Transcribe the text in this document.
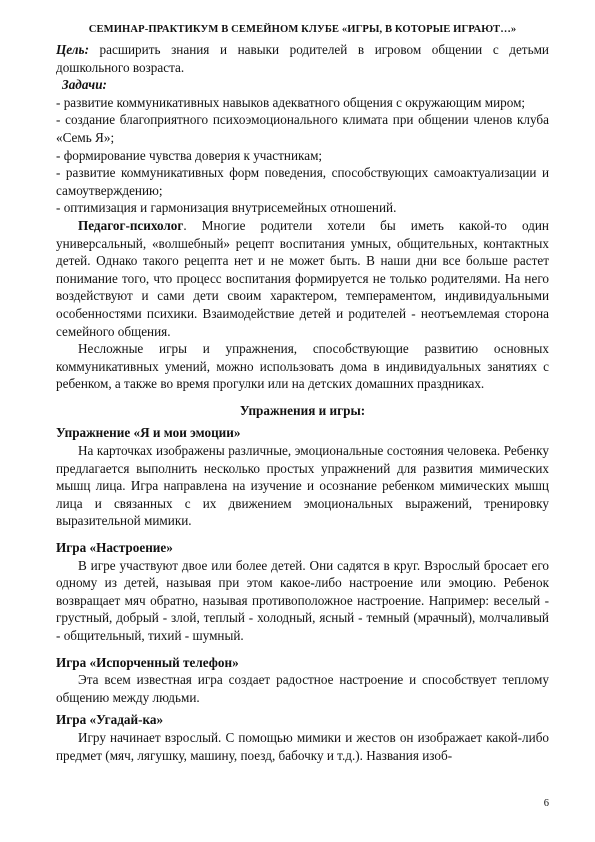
СЕМИНАР-ПРАКТИКУМ В СЕМЕЙНОМ КЛУБЕ «ИГРЫ, В КОТОРЫЕ ИГРАЮТ…»

Цель: расширить знания и навыки родителей в игровом общении с детьми дошкольного возраста.

Задачи:

- развитие коммуникативных навыков адекватного общения с окружающим миром;

- создание благоприятного психоэмоционального климата при общении членов клуба «Семь Я»;

- формирование чувства доверия к участникам;

- развитие коммуникативных форм поведения, способствующих самоактуализации и самоутверждению;

- оптимизация и гармонизация внутрисемейных отношений.

Педагог-психолог. Многие родители хотели бы иметь какой-то один универсальный, «волшебный» рецепт воспитания умных, общительных, контактных детей. Однако такого рецепта нет и не может быть. В наши дни все больше растет понимание того, что процесс воспитания формируется не только родителями. На него воздействуют и сами дети своим характером, темпераментом, индивидуальными особенностями психики. Взаимодействие детей и родителей - неотъемлемая сторона семейного общения.

Несложные игры и упражнения, способствующие развитию основных коммуникативных умений, можно использовать дома в индивидуальных занятиях с ребенком, а также во время прогулки или на детских домашних праздниках.

Упражнения и игры:

Упражнение «Я и мои эмоции»

На карточках изображены различные, эмоциональные состояния человека. Ребенку предлагается выполнить несколько простых упражнений для развития мимических мышц лица. Игра направлена на изучение и осознание ребенком мимических мышц лица и связанных с их движением эмоциональных выражений, тренировку выразительной мимики.

Игра «Настроение»

В игре участвуют двое или более детей. Они садятся в круг. Взрослый бросает его одному из детей, называя при этом какое-либо настроение или эмоцию. Ребенок возвращает мяч обратно, называя противоположное настроение. Например: веселый - грустный, добрый - злой, теплый - холодный, ясный - темный (мрачный), молчаливый - общительный, тихий - шумный.

Игра «Испорченный телефон»

Эта всем известная игра создает радостное настроение и способствует теплому общению между людьми.

Игра «Угадай-ка»

Игру начинает взрослый. С помощью мимики и жестов он изображает какой-либо предмет (мяч, лягушку, машину, поезд, бабочку и т.д.). Названия изоб-

6
